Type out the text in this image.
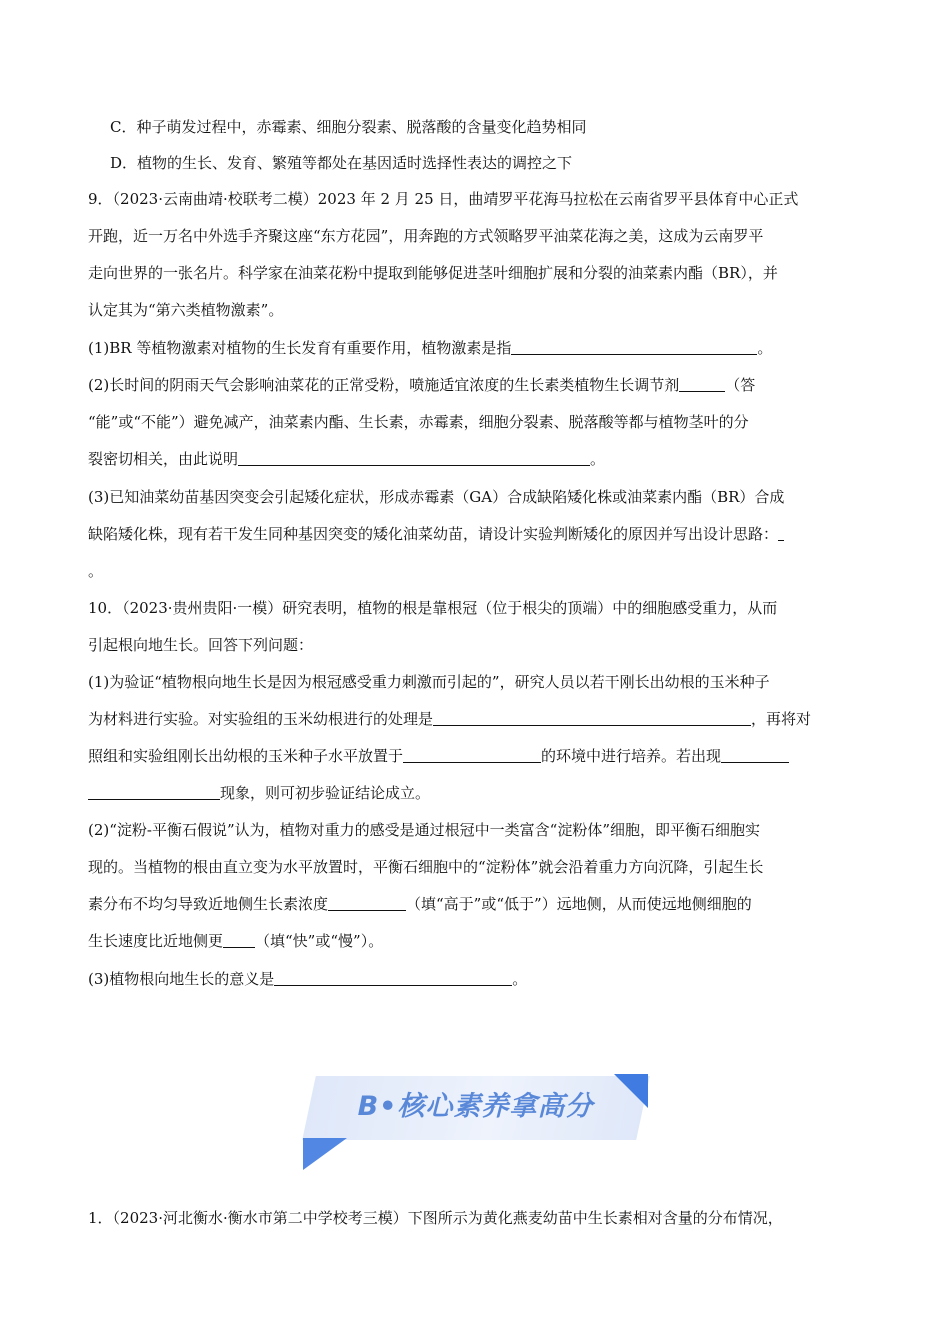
C．种子萌发过程中，赤霉素、细胞分裂素、脱落酸的含量变化趋势相同
D．植物的生长、发育、繁殖等都处在基因适时选择性表达的调控之下
9．（2023·云南曲靖·校联考二模）2023 年 2 月 25 日，曲靖罗平花海马拉松在云南省罗平县体育中心正式
开跑，近一万名中外选手齐聚这座“东方花园”，用奔跑的方式领略罗平油菜花海之美，这成为云南罗平
走向世界的一张名片。科学家在油菜花粉中提取到能够促进茎叶细胞扩展和分裂的油菜素内酯（BR），并
认定其为“第六类植物激素”。
(1)BR 等植物激素对植物的生长发育有重要作用，植物激素是指	。
(2)长时间的阴雨天气会影响油菜花的正常受粉，喷施适宜浓度的生长素类植物生长调节剂	（答
“能”或“不能”）避免减产，油菜素内酯、生长素，赤霉素，细胞分裂素、脱落酸等都与植物茎叶的分
裂密切相关，由此说明	。
(3)已知油菜幼苗基因突变会引起矮化症状，形成赤霉素（GA）合成缺陷矮化株或油菜素内酯（BR）合成
缺陷矮化株，现有若干发生同种基因突变的矮化油菜幼苗，请设计实验判断矮化的原因并写出设计思路：
。
10．（2023·贵州贵阳·一模）研究表明，植物的根是靠根冠（位于根尖的顶端）中的细胞感受重力，从而
引起根向地生长。回答下列问题：
(1)为验证“植物根向地生长是因为根冠感受重力刺激而引起的”，研究人员以若干刚长出幼根的玉米种子
为材料进行实验。对实验组的玉米幼根进行的处理是	，再将对
照组和实验组刚长出幼根的玉米种子水平放置于	的环境中进行培养。若出现
现象，则可初步验证结论成立。
(2)“淀粉-平衡石假说”认为，植物对重力的感受是通过根冠中一类富含“淀粉体”细胞，即平衡石细胞实
现的。当植物的根由直立变为水平放置时，平衡石细胞中的“淀粉体”就会沿着重力方向沉降，引起生长
素分布不均匀导致近地侧生长素浓度	（填“高于”或“低于”）远地侧，从而使远地侧细胞的
生长速度比近地侧更 （填“快”或“慢”）。
(3)植物根向地生长的意义是	。
1．（2023·河北衡水·衡水市第二中学校考三模）下图所示为黄化燕麦幼苗中生长素相对含量的分布情况，
B•核心素养拿高分
